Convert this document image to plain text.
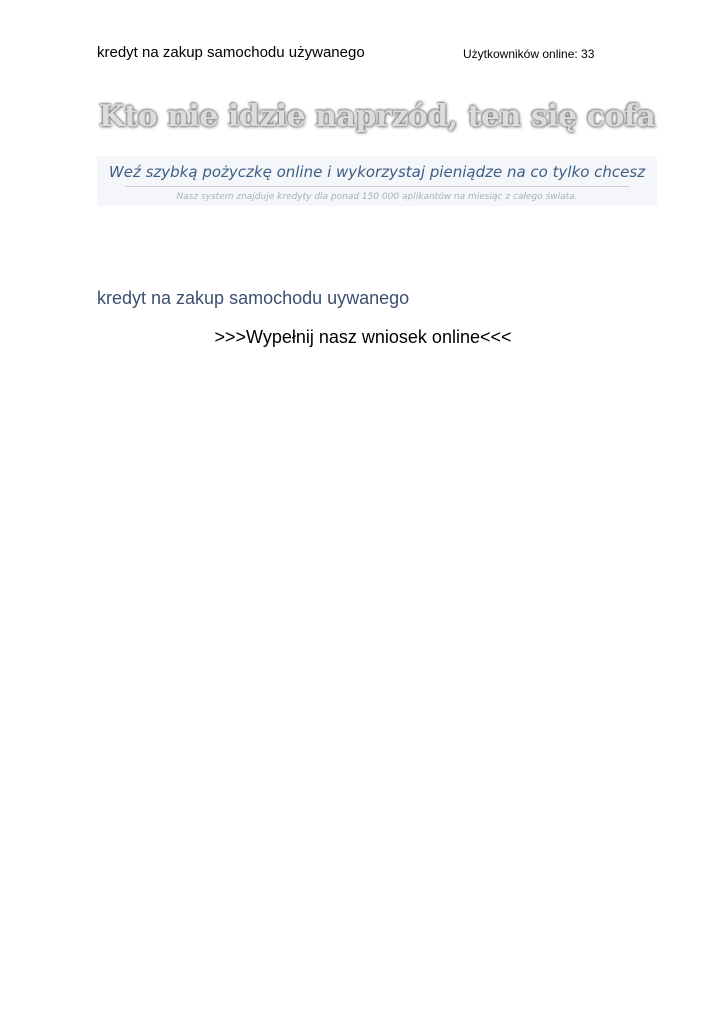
kredyt na zakup samochodu używanego	Użytkowników online: 33
Kto nie idzie naprzód, ten się cofa
Weź szybką pożyczkę online i wykorzystaj pieniądze na co tylko chcesz
Nasz system znajduje kredyty dla ponad 150 000 aplikantów na miesiąc z całego świata.
kredyt na zakup samochodu uywanego
>>>Wypełnij nasz wniosek online<<<
